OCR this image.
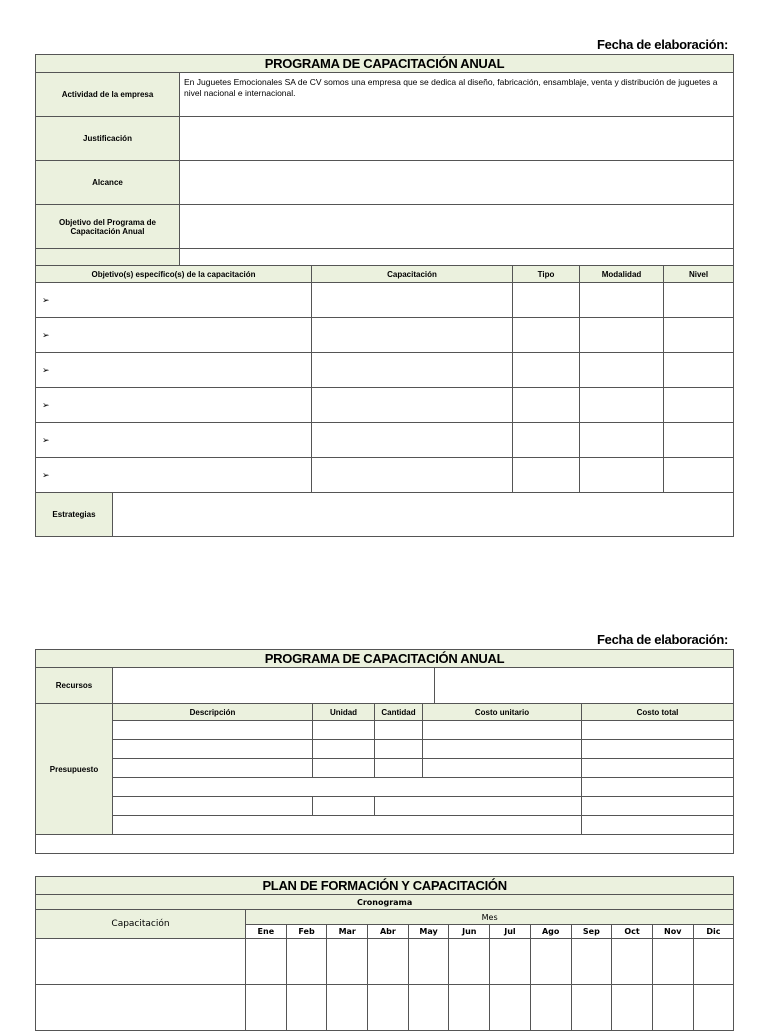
Fecha de elaboración:
PROGRAMA DE CAPACITACIÓN ANUAL						
Actividad de la empresa		En Juguetes Emocionales SA de CV somos una empresa que se dedica al diseño, fabricación, ensamblaje, venta y distribución de juguetes a nivel nacional e internacional.				
Justificación						
Alcance						
Objetivo del Programa de Capacitación Anual						

Objetivo(s) específico(s) de la capacitación			Capacitación	Tipo	Modalidad	Nivel
➢						
➢						
➢						
➢						
➢						
➢						
Estrategias						
Fecha de elaboración:
PROGRAMA DE CAPACITACIÓN ANUAL						
Recursos						
Presupuesto	Descripción	Unidad	Cantidad	Costo unitario		Costo total

PLAN DE FORMACIÓN Y CAPACITACIÓN												
Cronograma												
Capacitación	Mes											
	Ene	Feb	Mar	Abr	May	Jun	Jul	Ago	Sep	Oct	Nov	Dic
